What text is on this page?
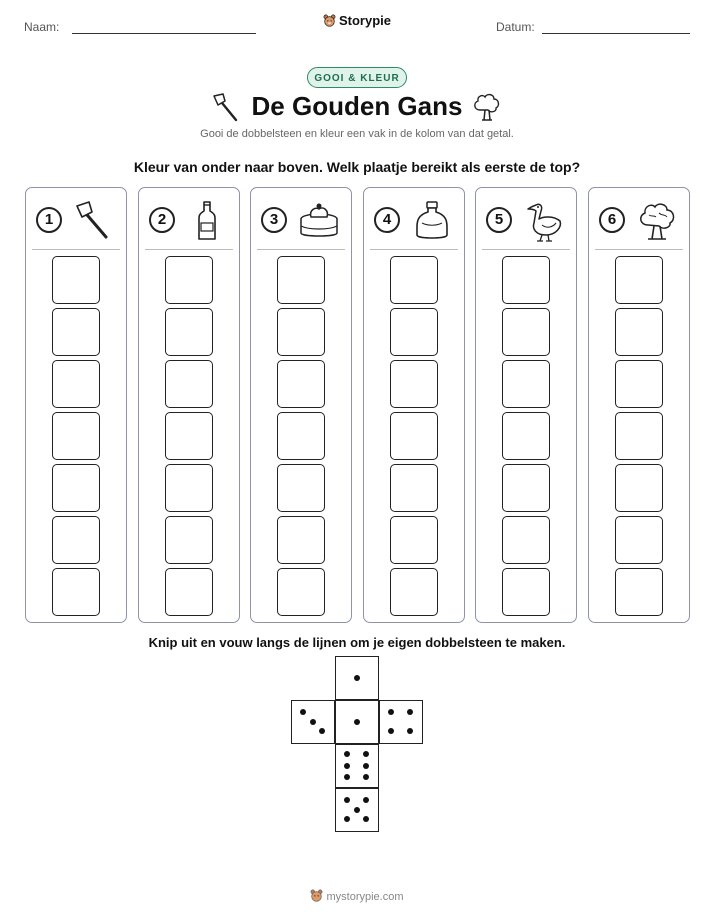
Naam:	Storypie	Datum:
GOOI & KLEUR
De Gouden Gans
Gooi de dobbelsteen en kleur een vak in de kolom van dat getal.
Kleur van onder naar boven. Welk plaatje bereikt als eerste de top?
1	2	3	4	5	6
Knip uit en vouw langs de lijnen om je eigen dobbelsteen te maken.
mystorypie.com
